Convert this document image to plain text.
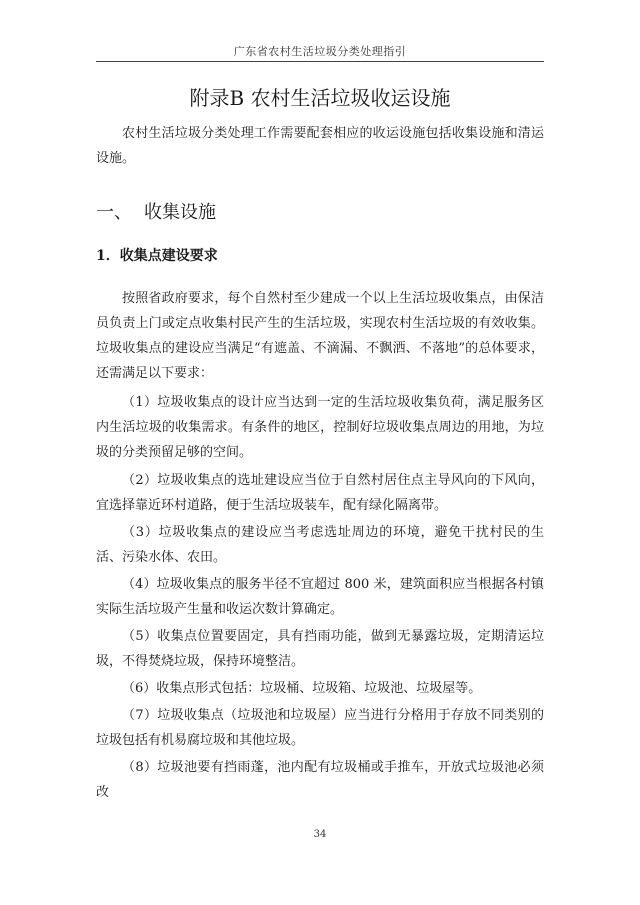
广东省农村生活垃圾分类处理指引
附录B 农村生活垃圾收运设施

农村生活垃圾分类处理工作需要配套相应的收运设施包括收集设施和清运设施。

一、 收集设施
1．收集点建设要求

按照省政府要求，每个自然村至少建成一个以上生活垃圾收集点，由保洁员负责上门或定点收集村民产生的生活垃圾，实现农村生活垃圾的有效收集。垃圾收集点的建设应当满足“有遮盖、不滴漏、不飘洒、不落地”的总体要求，还需满足以下要求：

（1）垃圾收集点的设计应当达到一定的生活垃圾收集负荷，满足服务区内生活垃圾的收集需求。有条件的地区，控制好垃圾收集点周边的用地，为垃圾的分类预留足够的空间。

（2）垃圾收集点的选址建设应当位于自然村居住点主导风向的下风向，宜选择靠近环村道路，便于生活垃圾装车，配有绿化隔离带。

（3）垃圾收集点的建设应当考虑选址周边的环境，避免干扰村民的生活、污染水体、农田。

（4）垃圾收集点的服务半径不宜超过 800 米，建筑面积应当根据各村镇实际生活垃圾产生量和收运次数计算确定。

（5）收集点位置要固定，具有挡雨功能，做到无暴露垃圾，定期清运垃圾，不得焚烧垃圾，保持环境整洁。

（6）收集点形式包括：垃圾桶、垃圾箱、垃圾池、垃圾屋等。

（7）垃圾收集点（垃圾池和垃圾屋）应当进行分格用于存放不同类别的垃圾包括有机易腐垃圾和其他垃圾。

（8）垃圾池要有挡雨蓬，池内配有垃圾桶或手推车，开放式垃圾池必须改

34
